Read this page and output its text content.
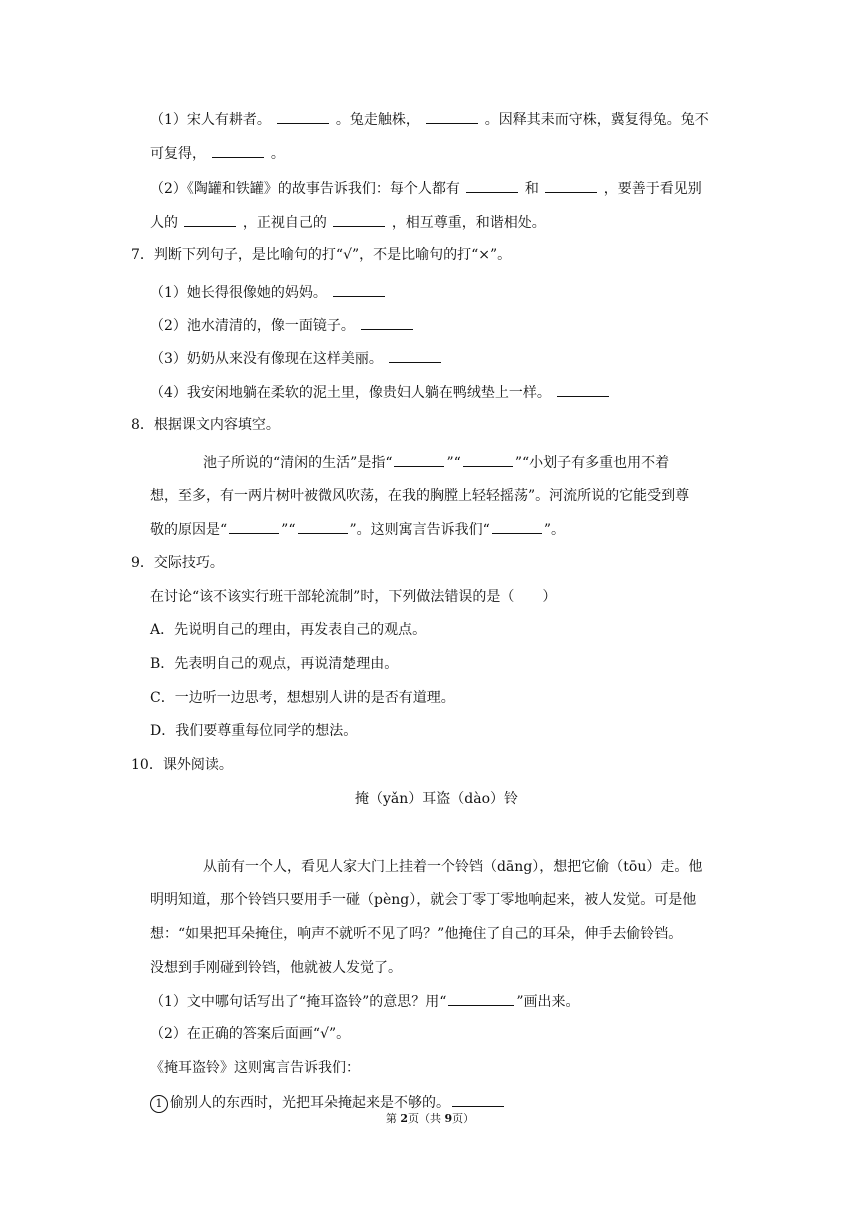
（1）宋人有耕者。	。兔走触株，	。因释其耒而守株，冀复得兔。兔不
可复得，	。
（2）《陶罐和铁罐》的故事告诉我们：每个人都有	和	，要善于看见别
人的	，正视自己的	，相互尊重，和谐相处。
7．判断下列句子，是比喻句的打“√”，不是比喻句的打“×”。
（1）她长得很像她的妈妈。
（2）池水清清的，像一面镜子。
（3）奶奶从来没有像现在这样美丽。
（4）我安闲地躺在柔软的泥土里，像贵妇人躺在鸭绒垫上一样。
8．根据课文内容填空。
池子所说的“清闲的生活”是指“	”“	”“小划子有多重也用不着
想，至多，有一两片树叶被微风吹荡，在我的胸膛上轻轻摇荡”。河流所说的它能受到尊
敬的原因是“	”“	”。这则寓言告诉我们“	”。
9．交际技巧。
在讨论“该不该实行班干部轮流制”时，下列做法错误的是（　　）
A．先说明自己的理由，再发表自己的观点。
B．先表明自己的观点，再说清楚理由。
C．一边听一边思考，想想别人讲的是否有道理。
D．我们要尊重每位同学的想法。
10．课外阅读。
掩（yǎn）耳盗（dào）铃
从前有一个人，看见人家大门上挂着一个铃铛（dāng），想把它偷（tōu）走。他
明明知道，那个铃铛只要用手一碰（pèng），就会丁零丁零地响起来，被人发觉。可是他
想：“如果把耳朵掩住，响声不就听不见了吗？”他掩住了自己的耳朵，伸手去偷铃铛。
没想到手刚碰到铃铛，他就被人发觉了。
（1）文中哪句话写出了“掩耳盗铃”的意思？用“	”画出来。
（2）在正确的答案后面画“√”。
《掩耳盗铃》这则寓言告诉我们：
1 偷别人的东西时，光把耳朵掩起来是不够的。
第 2页（共 9页）
